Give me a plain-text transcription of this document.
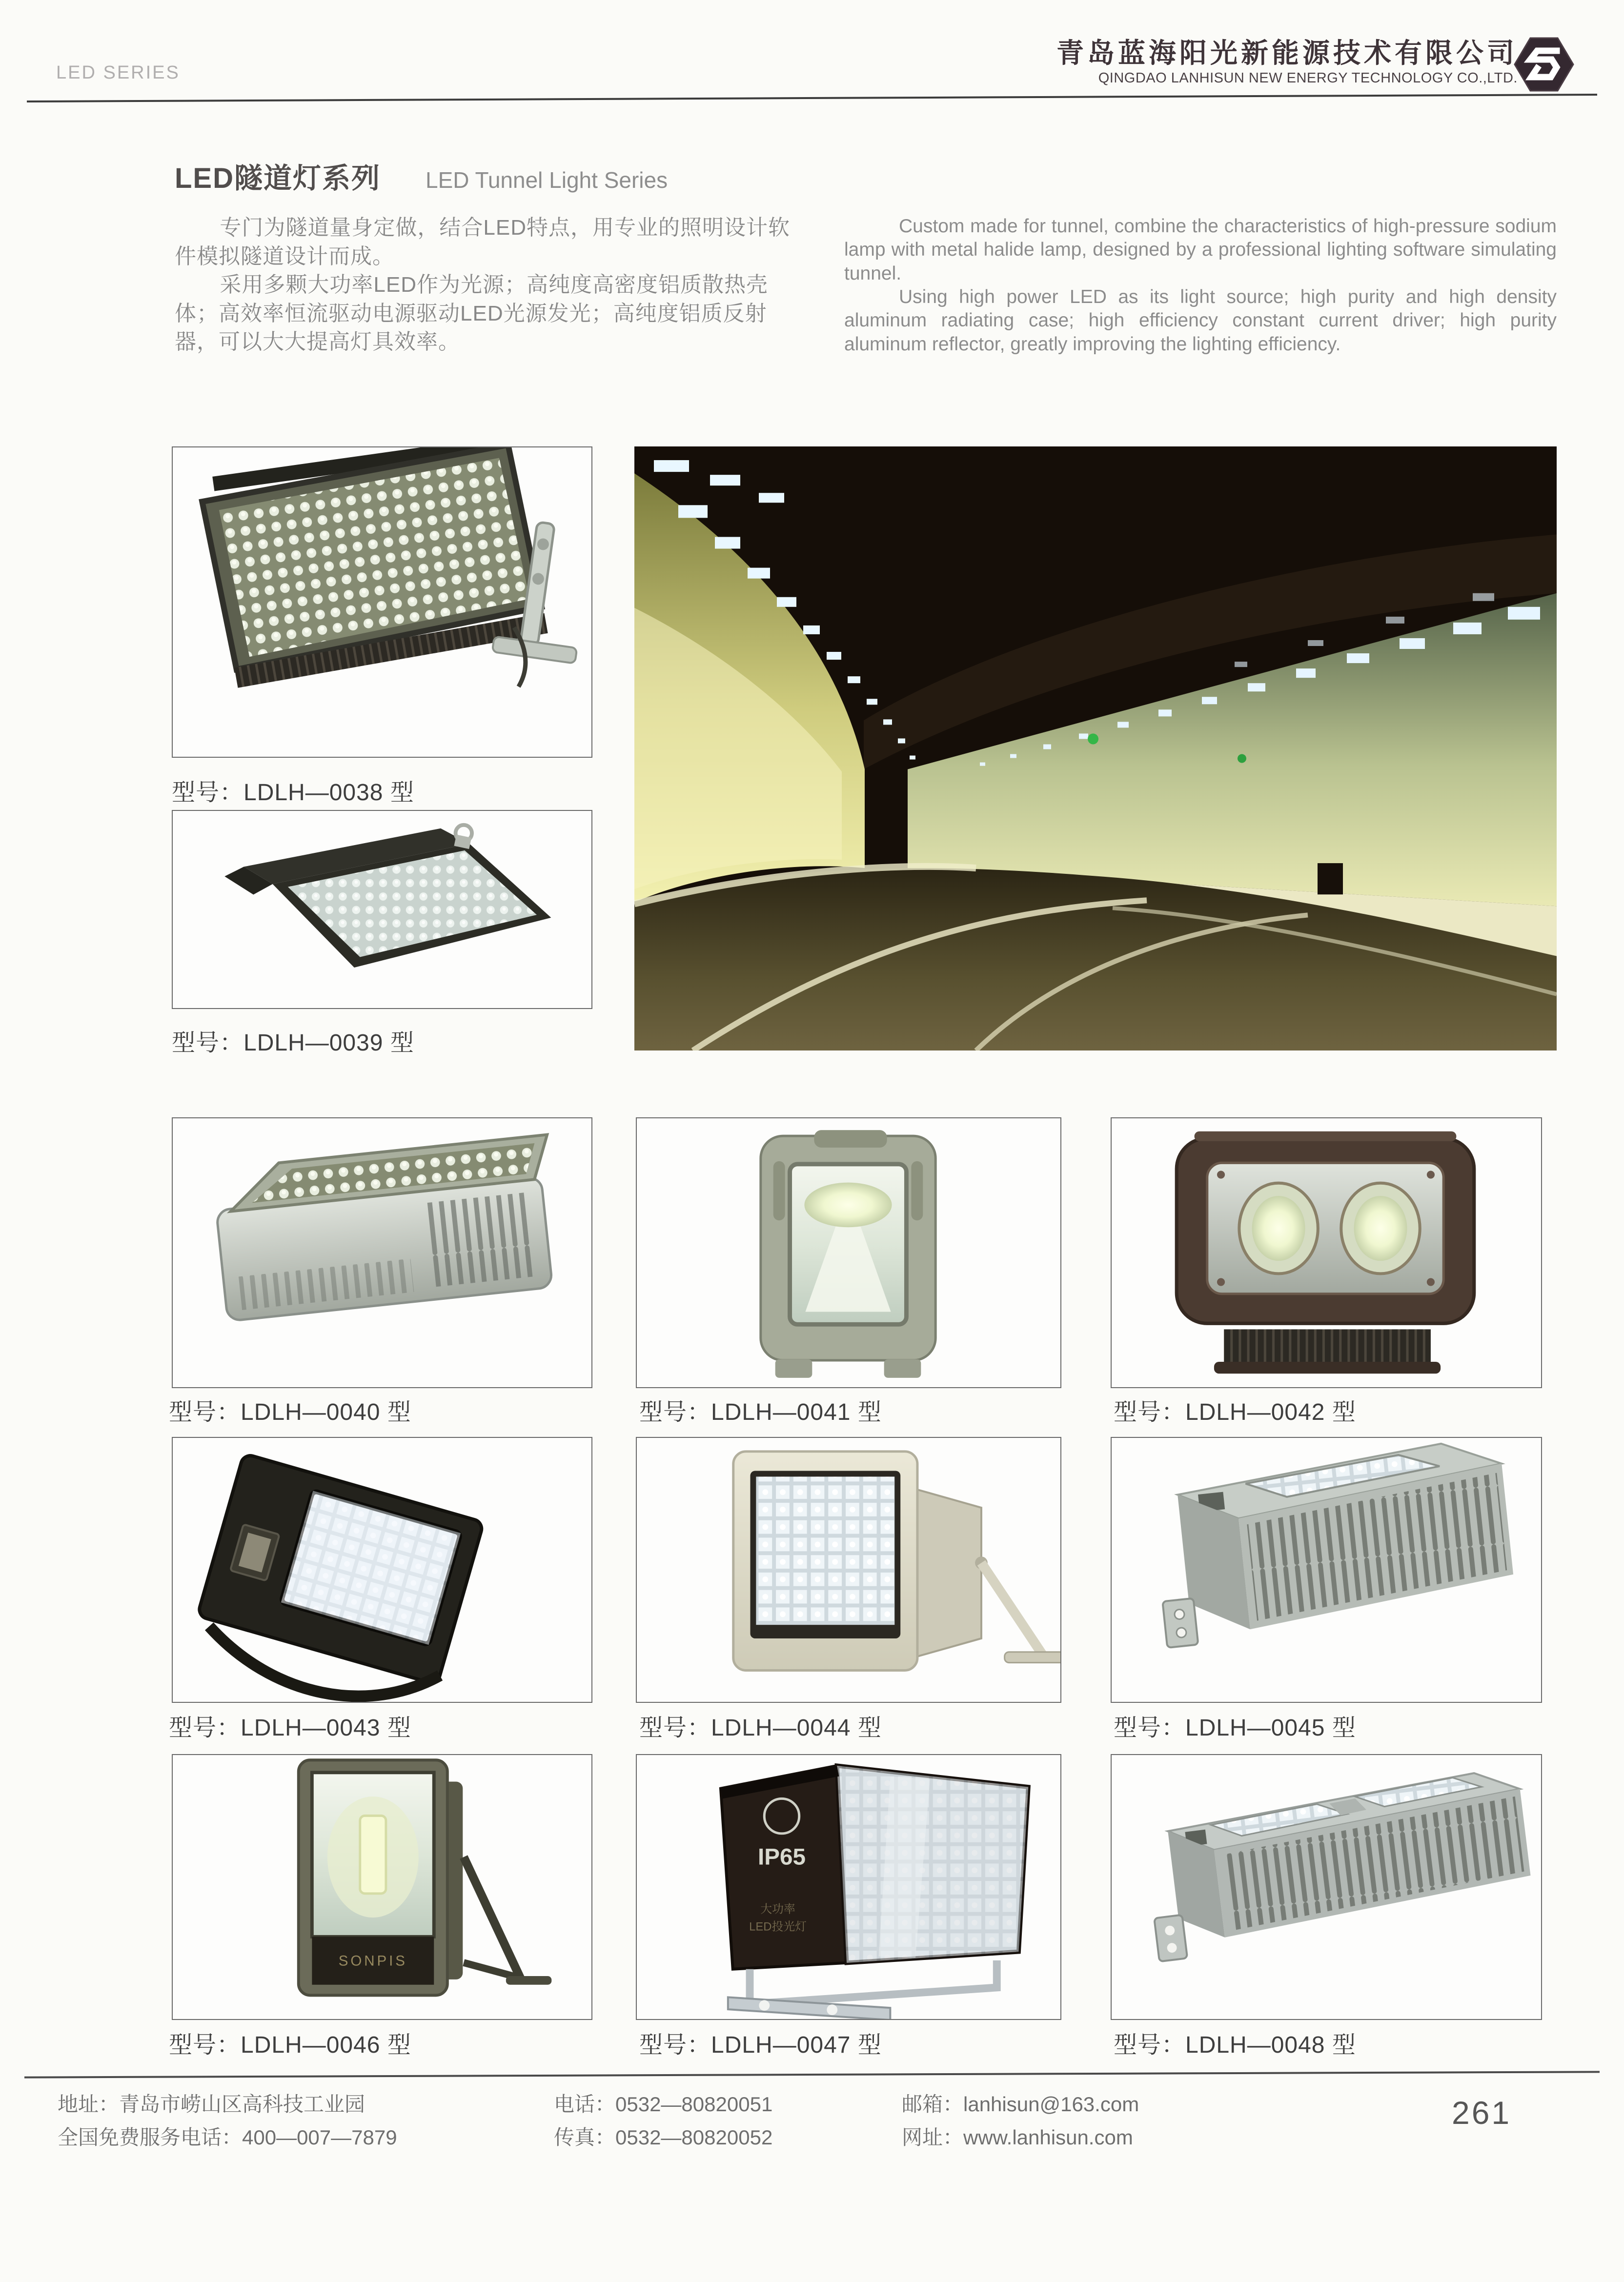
LED SERIES
青岛蓝海阳光新能源技术有限公司
QINGDAO LANHISUN NEW ENERGY TECHNOLOGY CO.,LTD.
LED隧道灯系列 LED Tunnel Light Series

专门为隧道量身定做，结合LED特点，用专业的照明设计软件模拟隧道设计而成。

采用多颗大功率LED作为光源；高纯度高密度铝质散热壳体；高效率恒流驱动电源驱动LED光源发光；高纯度铝质反射器，可以大大提高灯具效率。

Custom made for tunnel, combine the characteristics of high-pressure sodium lamp with metal halide lamp, designed by a professional lighting software simulating tunnel.

Using high power LED as its light source; high purity and high density aluminum radiating case; high efficiency constant current driver; high purity aluminum reflector, greatly improving the lighting efficiency.

型号：LDLH—0038 型
型号：LDLH—0039 型
型号：LDLH—0040 型	型号：LDLH—0041 型	型号：LDLH—0042 型
型号：LDLH—0043 型	型号：LDLH—0044 型	型号：LDLH—0045 型
SONPIS
IP65
大功率
LED投光灯
型号：LDLH—0046 型	型号：LDLH—0047 型	型号：LDLH—0048 型
地址：青岛市崂山区高科技工业园
全国免费服务电话：400—007—7879
电话：0532—80820051
传真：0532—80820052
邮箱：lanhisun@163.com
网址：www.lanhisun.com
261
